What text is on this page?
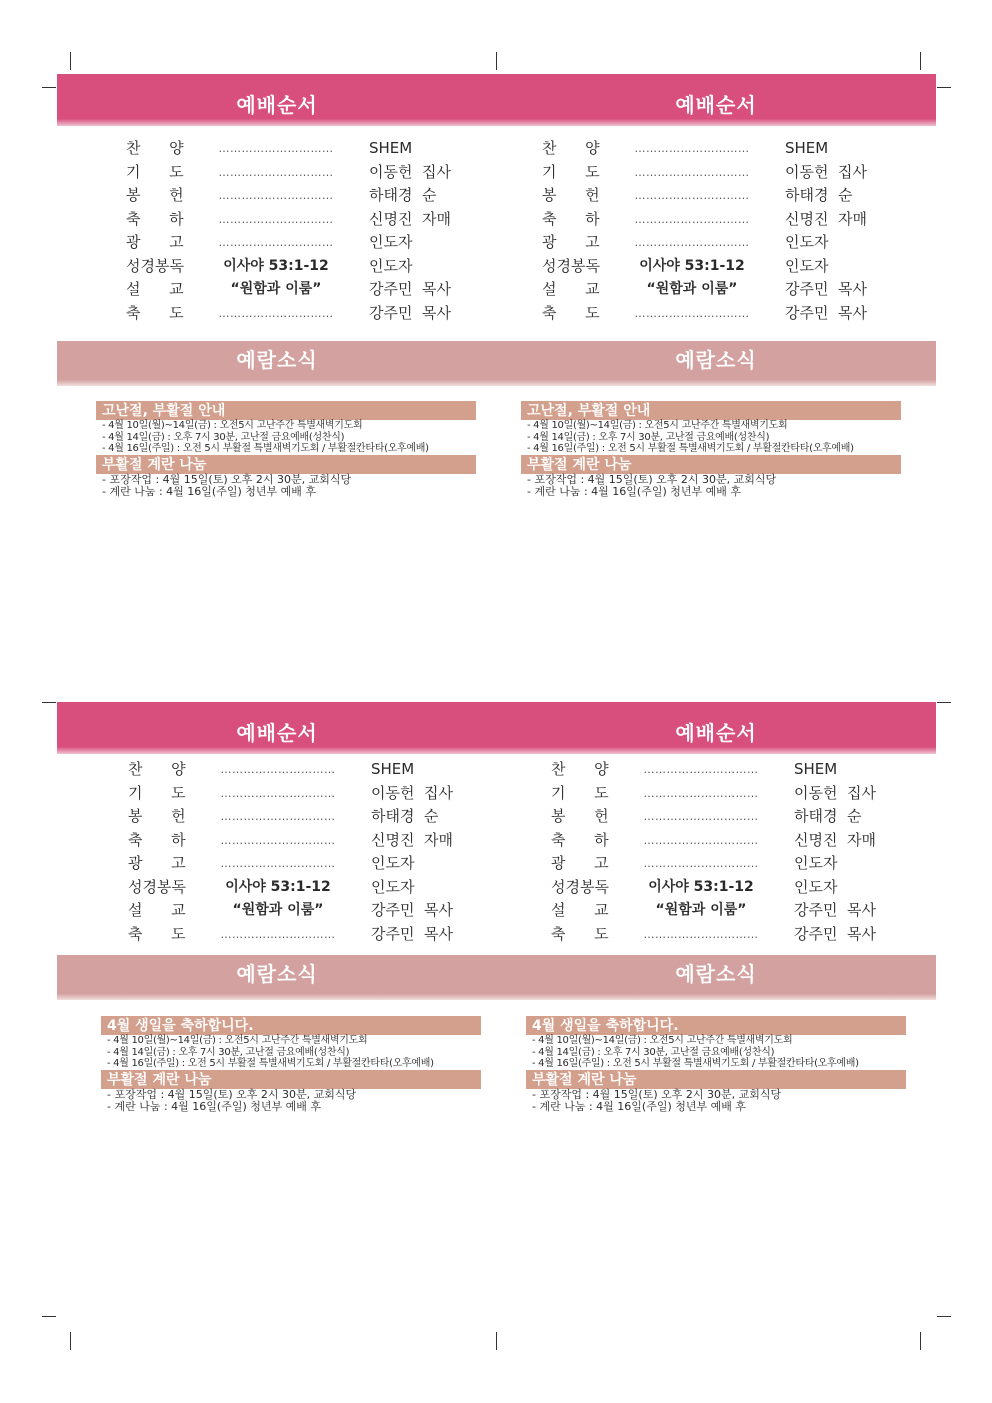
예배순서	예배순서
찬      양	…………………………	SHEM
기      도	…………………………	이동헌  집사
봉      헌	…………………………	하태경  순
축      하	…………………………	신명진  자매
광      고	…………………………	인도자
성경봉독	이사야 53:1-12	인도자
설      교	“원함과 이룸”	강주민  목사
축      도	…………………………	강주민  목사
찬      양	…………………………	SHEM
기      도	…………………………	이동헌  집사
봉      헌	…………………………	하태경  순
축      하	…………………………	신명진  자매
광      고	…………………………	인도자
성경봉독	이사야 53:1-12	인도자
설      교	“원함과 이룸”	강주민  목사
축      도	…………………………	강주민  목사
예람소식	예람소식
고난절, 부활절 안내
- 4월 10일(월)~14일(금) : 오전5시 고난주간 특별새벽기도회
- 4월 14일(금) : 오후 7시 30분, 고난절 금요예배(성찬식)
- 4월 16일(주일) : 오전 5시 부활절 특별새벽기도회 / 부활절칸타타(오후예배)
부활절 계란 나눔
- 포장작업 : 4월 15일(토) 오후 2시 30분, 교회식당
- 계란 나눔 : 4월 16일(주일) 청년부 예배 후
고난절, 부활절 안내
- 4월 10일(월)~14일(금) : 오전5시 고난주간 특별새벽기도회
- 4월 14일(금) : 오후 7시 30분, 고난절 금요예배(성찬식)
- 4월 16일(주일) : 오전 5시 부활절 특별새벽기도회 / 부활절칸타타(오후예배)
부활절 계란 나눔
- 포장작업 : 4월 15일(토) 오후 2시 30분, 교회식당
- 계란 나눔 : 4월 16일(주일) 청년부 예배 후
예배순서	예배순서
찬      양	…………………………	SHEM
기      도	…………………………	이동헌  집사
봉      헌	…………………………	하태경  순
축      하	…………………………	신명진  자매
광      고	…………………………	인도자
성경봉독	이사야 53:1-12	인도자
설      교	“원함과 이룸”	강주민  목사
축      도	…………………………	강주민  목사
찬      양	…………………………	SHEM
기      도	…………………………	이동헌  집사
봉      헌	…………………………	하태경  순
축      하	…………………………	신명진  자매
광      고	…………………………	인도자
성경봉독	이사야 53:1-12	인도자
설      교	“원함과 이룸”	강주민  목사
축      도	…………………………	강주민  목사
예람소식	예람소식
4월 생일을 축하합니다.
- 4월 10일(월)~14일(금) : 오전5시 고난주간 특별새벽기도회
- 4월 14일(금) : 오후 7시 30분, 고난절 금요예배(성찬식)
- 4월 16일(주일) : 오전 5시 부활절 특별새벽기도회 / 부활절칸타타(오후예배)
부활절 계란 나눔
- 포장작업 : 4월 15일(토) 오후 2시 30분, 교회식당
- 계란 나눔 : 4월 16일(주일) 청년부 예배 후
4월 생일을 축하합니다.
- 4월 10일(월)~14일(금) : 오전5시 고난주간 특별새벽기도회
- 4월 14일(금) : 오후 7시 30분, 고난절 금요예배(성찬식)
- 4월 16일(주일) : 오전 5시 부활절 특별새벽기도회 / 부활절칸타타(오후예배)
부활절 계란 나눔
- 포장작업 : 4월 15일(토) 오후 2시 30분, 교회식당
- 계란 나눔 : 4월 16일(주일) 청년부 예배 후
